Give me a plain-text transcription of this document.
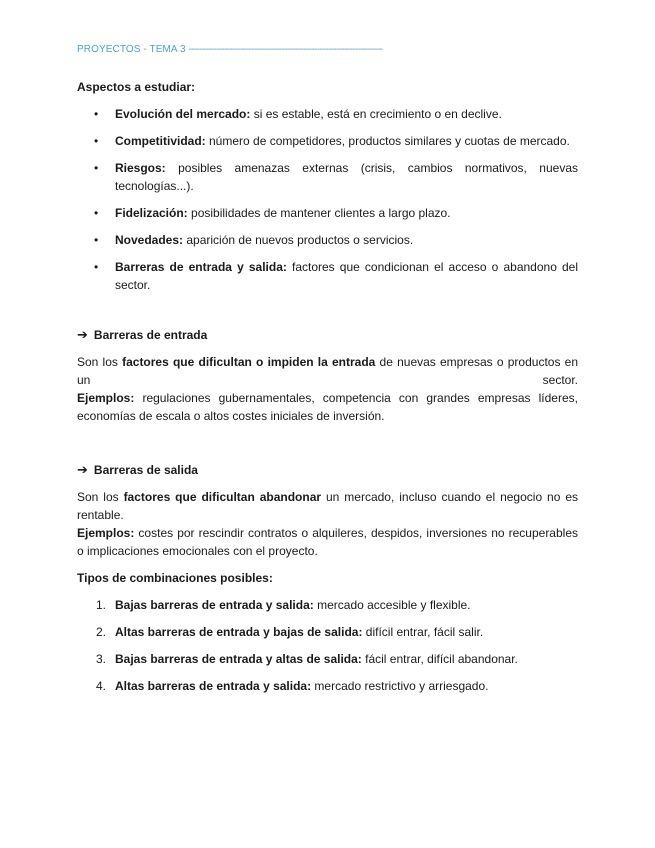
PROYECTOS - TEMA 3 -----------------------------------------------------------------------
Aspectos a estudiar:
• Evolución del mercado: si es estable, está en crecimiento o en declive.
• Competitividad: número de competidores, productos similares y cuotas de mercado.
• Riesgos: posibles amenazas externas (crisis, cambios normativos, nuevas tecnologías...).
• Fidelización: posibilidades de mantener clientes a largo plazo.
• Novedades: aparición de nuevos productos o servicios.
• Barreras de entrada y salida: factores que condicionan el acceso o abandono del sector.
➔ Barreras de entrada
Son los factores que dificultan o impiden la entrada de nuevas empresas o productos en un sector.
Ejemplos: regulaciones gubernamentales, competencia con grandes empresas líderes, economías de escala o altos costes iniciales de inversión.
➔ Barreras de salida
Son los factores que dificultan abandonar un mercado, incluso cuando el negocio no es rentable.
Ejemplos: costes por rescindir contratos o alquileres, despidos, inversiones no recuperables o implicaciones emocionales con el proyecto.
Tipos de combinaciones posibles:
1. Bajas barreras de entrada y salida: mercado accesible y flexible.
2. Altas barreras de entrada y bajas de salida: difícil entrar, fácil salir.
3. Bajas barreras de entrada y altas de salida: fácil entrar, difícil abandonar.
4. Altas barreras de entrada y salida: mercado restrictivo y arriesgado.
